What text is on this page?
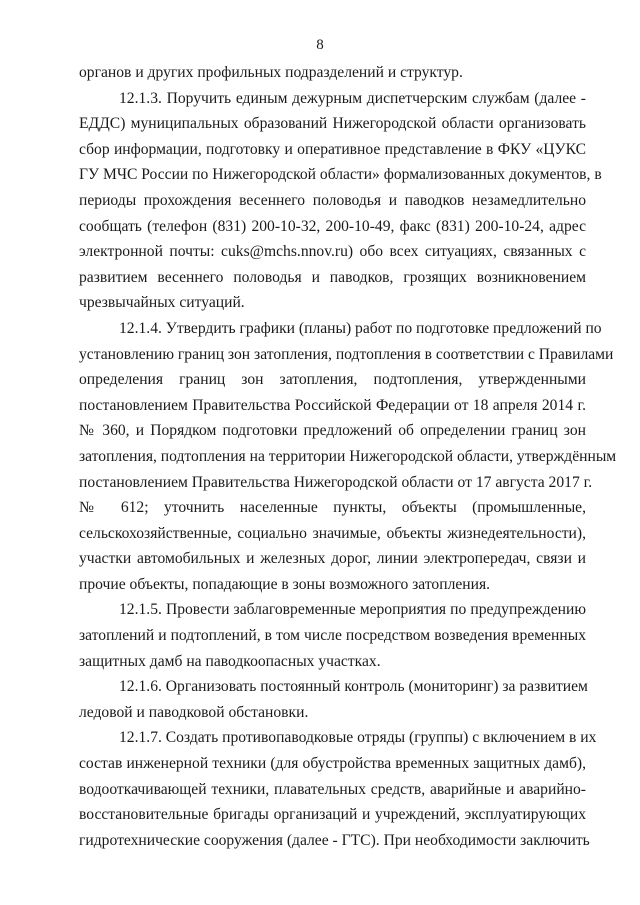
8
органов и других профильных подразделений и структур.
12.1.3. Поручить единым дежурным диспетчерским службам (далее -
ЕДДС) муниципальных образований Нижегородской области организовать
сбор информации, подготовку и оперативное представление в ФКУ «ЦУКС
ГУ МЧС России по Нижегородской области» формализованных документов, в
периоды прохождения весеннего половодья и паводков незамедлительно
сообщать (телефон (831) 200-10-32, 200-10-49, факс (831) 200-10-24, адрес
электронной почты: cuks@mchs.nnov.ru) обо всех ситуациях, связанных с
развитием весеннего половодья и паводков, грозящих возникновением
чрезвычайных ситуаций.
12.1.4. Утвердить графики (планы) работ по подготовке предложений по
установлению границ зон затопления, подтопления в соответствии с Правилами
определения границ зон затопления, подтопления, утвержденными
постановлением Правительства Российской Федерации от 18 апреля 2014 г.
№ 360, и Порядком подготовки предложений об определении границ зон
затопления, подтопления на территории Нижегородской области, утверждённым
постановлением Правительства Нижегородской области от 17 августа 2017 г.
№ 612; уточнить населенные пункты, объекты (промышленные,
сельскохозяйственные, социально значимые, объекты жизнедеятельности),
участки автомобильных и железных дорог, линии электропередач, связи и
прочие объекты, попадающие в зоны возможного затопления.
12.1.5. Провести заблаговременные мероприятия по предупреждению
затоплений и подтоплений, в том числе посредством возведения временных
защитных дамб на паводкоопасных участках.
12.1.6. Организовать постоянный контроль (мониторинг) за развитием
ледовой и паводковой обстановки.
12.1.7. Создать противопаводковые отряды (группы) с включением в их
состав инженерной техники (для обустройства временных защитных дамб),
водооткачивающей техники, плавательных средств, аварийные и аварийно-
восстановительные бригады организаций и учреждений, эксплуатирующих
гидротехнические сооружения (далее - ГТС). При необходимости заключить
